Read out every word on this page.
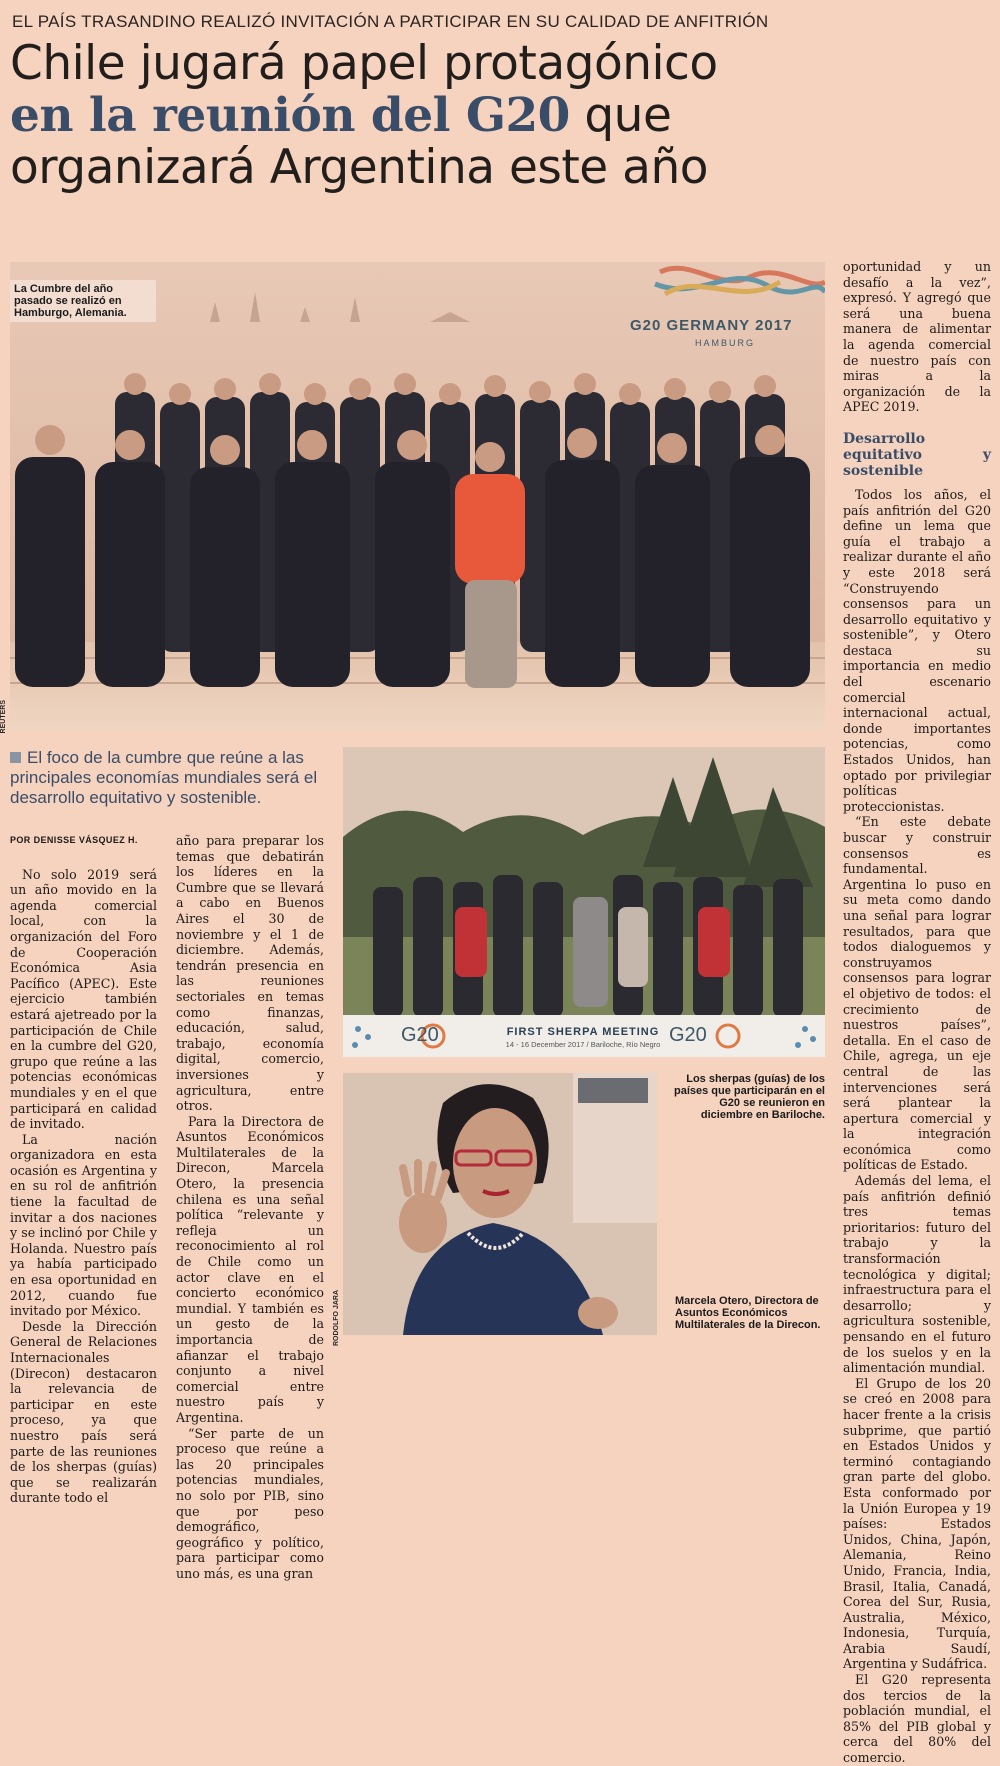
EL PAÍS TRASANDINO REALIZÓ INVITACIÓN A PARTICIPAR EN SU CALIDAD DE ANFITRIÓN
Chile jugará papel protagónico
en la reunión del G20 que
organizará Argentina este año
G20 GERMANY 2017
HAMBURG
La Cumbre del año pasado se realizó en Hamburgo, Alemania.
REUTERS
El foco de la cumbre que reúne a las principales economías mundiales será el desarrollo equitativo y sostenible.
G20	FIRST SHERPA MEETING
14 - 16 December 2017 / Bariloche, Río Negro G20
Los sherpas (guías) de los países que participarán en el G20 se reunieron en diciembre en Bariloche.
RODOLFO JARA	Marcela Otero, Directora de Asuntos Económicos Multilaterales de la Direcon.
POR DENISSE VÁSQUEZ H.

No solo 2019 será un año movido en la agenda comercial local, con la organización del Foro de Cooperación Económica Asia Pacífico (APEC). Este ejercicio también estará ajetreado por la participación de Chile en la cumbre del G20, grupo que reúne a las potencias económicas mundiales y en el que participará en calidad de invitado.

La nación organizadora en esta ocasión es Argentina y en su rol de anfitrión tiene la facultad de invitar a dos naciones y se inclinó por Chile y Holanda. Nuestro país ya había participado en esa oportunidad en 2012, cuando fue invitado por México.

Desde la Dirección General de Relaciones Internacionales (Direcon) destacaron la relevancia de participar en este proceso, ya que nuestro país será parte de las reuniones de los sherpas (guías) que se realizarán durante todo el

año para preparar los temas que debatirán los líderes en la Cumbre que se llevará a cabo en Buenos Aires el 30 de noviembre y el 1 de diciembre. Además, tendrán presencia en las reuniones sectoriales en temas como finanzas, educación, salud, trabajo, economía digital, comercio, inversiones y agricultura, entre otros.

Para la Directora de Asuntos Económicos Multilaterales de la Direcon, Marcela Otero, la presencia chilena es una señal política “relevante y refleja un reconocimiento al rol de Chile como un actor clave en el concierto económico mundial. Y también es un gesto de la importancia de afianzar el trabajo conjunto a nivel comercial entre nuestro país y Argentina.

“Ser parte de un proceso que reúne a las 20 principales potencias mundiales, no solo por PIB, sino que por peso demográfico, geográfico y político, para participar como uno más, es una gran

oportunidad y un desafío a la vez”, expresó. Y agregó que será una buena manera de alimentar la agenda comercial de nuestro país con miras a la organización de la APEC 2019.

Desarrollo equitativo y sostenible

Todos los años, el país anfitrión del G20 define un lema que guía el trabajo a realizar durante el año y este 2018 será “Construyendo consensos para un desarrollo equitativo y sostenible”, y Otero destaca su importancia en medio del escenario comercial internacional actual, donde importantes potencias, como Estados Unidos, han optado por privilegiar políticas proteccionistas.

“En este debate buscar y construir consensos es fundamental. Argentina lo puso en su meta como dando una señal para lograr resultados, para que todos dialoguemos y construyamos consensos para lograr el objetivo de todos: el crecimiento de nuestros países”, detalla. En el caso de Chile, agrega, un eje central de las intervenciones será será plantear la apertura comercial y la integración económica como políticas de Estado.

Además del lema, el país anfitrión definió tres temas prioritarios: futuro del trabajo y la transformación tecnológica y digital; infraestructura para el desarrollo; y agricultura sostenible, pensando en el futuro de los suelos y en la alimentación mundial.

El Grupo de los 20 se creó en 2008 para hacer frente a la crisis subprime, que partió en Estados Unidos y terminó contagiando gran parte del globo. Esta conformado por la Unión Europea y 19 países: Estados Unidos, China, Japón, Alemania, Reino Unido, Francia, India, Brasil, Italia, Canadá, Corea del Sur, Rusia, Australia, México, Indonesia, Turquía, Arabia Saudí, Argentina y Sudáfrica.

El G20 representa dos tercios de la población mundial, el 85% del PIB global y cerca del 80% del comercio.
